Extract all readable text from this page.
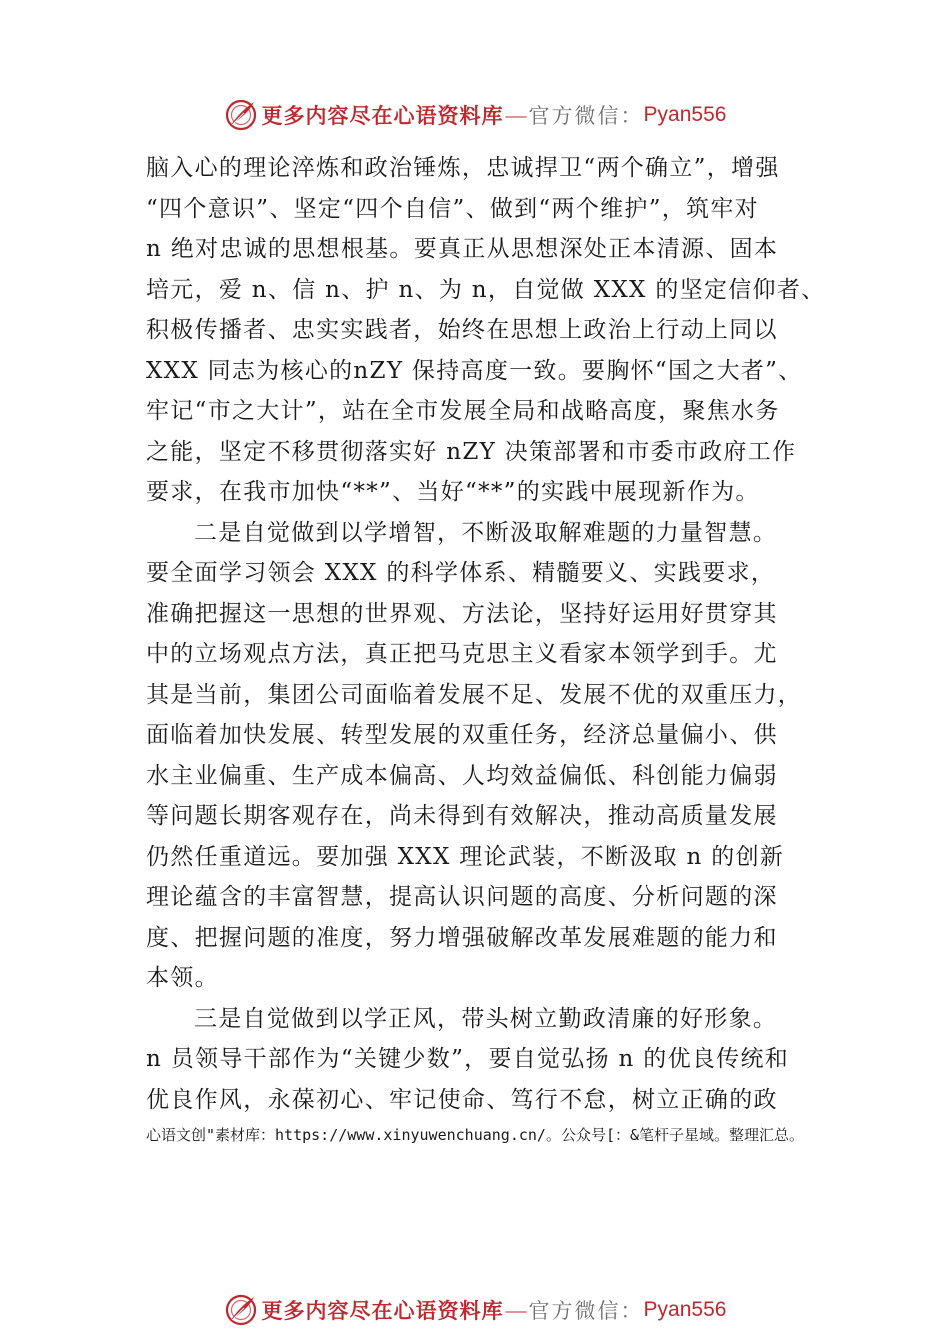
更多内容尽在心语资料库 — 官方微信： Pyan556
脑入心的理论淬炼和政治锤炼，忠诚捍卫“两个确立”，增强
“四个意识”、坚定“四个自信”、做到“两个维护”，筑牢对
n 绝对忠诚的思想根基。要真正从思想深处正本清源、固本
培元，爱 n、信 n、护 n、为 n，自觉做 XXX 的坚定信仰者、
积极传播者、忠实实践者，始终在思想上政治上行动上同以
XXX 同志为核心的nZY 保持高度一致。要胸怀“国之大者”、
牢记“市之大计”，站在全市发展全局和战略高度，聚焦水务
之能，坚定不移贯彻落实好 nZY 决策部署和市委市政府工作
要求，在我市加快“**”、当好“**”的实践中展现新作为。
二是自觉做到以学增智，不断汲取解难题的力量智慧。
要全面学习领会 XXX 的科学体系、精髓要义、实践要求，
准确把握这一思想的世界观、方法论，坚持好运用好贯穿其
中的立场观点方法，真正把马克思主义看家本领学到手。尤
其是当前，集团公司面临着发展不足、发展不优的双重压力，
面临着加快发展、转型发展的双重任务，经济总量偏小、供
水主业偏重、生产成本偏高、人均效益偏低、科创能力偏弱
等问题长期客观存在，尚未得到有效解决，推动高质量发展
仍然任重道远。要加强 XXX 理论武装，不断汲取 n 的创新
理论蕴含的丰富智慧，提高认识问题的高度、分析问题的深
度、把握问题的准度，努力增强破解改革发展难题的能力和
本领。
三是自觉做到以学正风，带头树立勤政清廉的好形象。
n 员领导干部作为“关键少数”，要自觉弘扬 n 的优良传统和
优良作风，永葆初心、牢记使命、笃行不怠，树立正确的政
心语文创"素材库：https://www.xinyuwenchuang.cn/。公众号[：&笔杆子星域。整理汇总。
更多内容尽在心语资料库 — 官方微信： Pyan556
